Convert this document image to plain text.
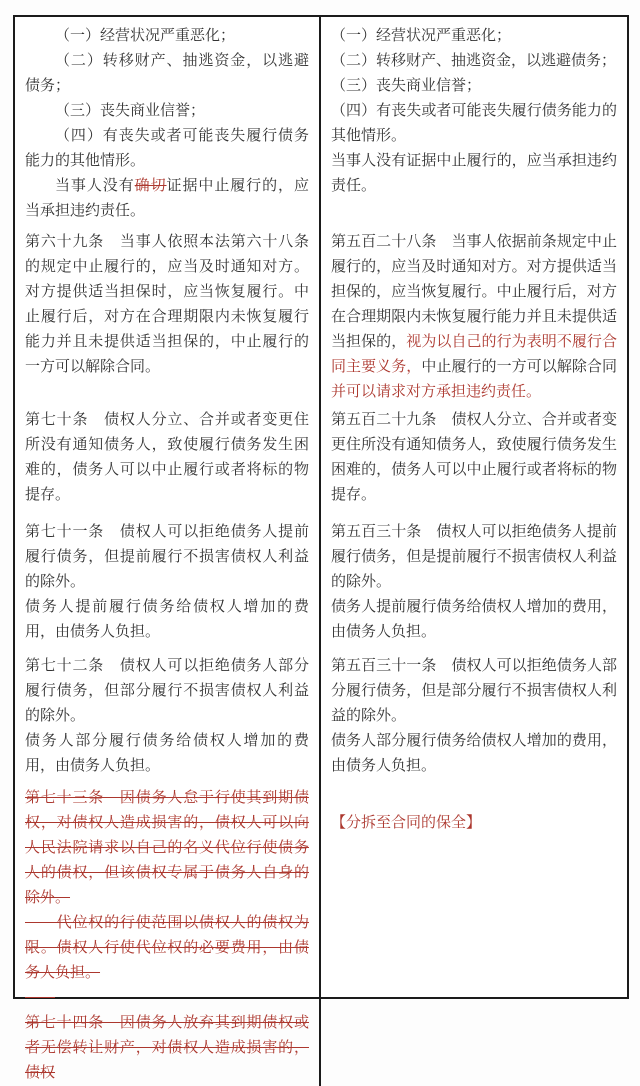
（一）经营状况严重恶化；

（二）转移财产、抽逃资金，以逃避债务；

（三）丧失商业信誉；

（四）有丧失或者可能丧失履行债务能力的其他情形。

当事人没有确切证据中止履行的，应当承担违约责任。

（一）经营状况严重恶化；

（二）转移财产、抽逃资金，以逃避债务；

（三）丧失商业信誉；

（四）有丧失或者可能丧失履行债务能力的其他情形。

当事人没有证据中止履行的，应当承担违约责任。

第六十九条　当事人依照本法第六十八条的规定中止履行的，应当及时通知对方。对方提供适当担保时，应当恢复履行。中止履行后，对方在合理期限内未恢复履行能力并且未提供适当担保的，中止履行的一方可以解除合同。

第五百二十八条　当事人依据前条规定中止履行的，应当及时通知对方。对方提供适当担保的，应当恢复履行。中止履行后，对方在合理期限内未恢复履行能力并且未提供适当担保的，视为以自己的行为表明不履行合同主要义务，中止履行的一方可以解除合同并可以请求对方承担违约责任。

第七十条　债权人分立、合并或者变更住所没有通知债务人，致使履行债务发生困难的，债务人可以中止履行或者将标的物提存。

第五百二十九条　债权人分立、合并或者变更住所没有通知债务人，致使履行债务发生困难的，债务人可以中止履行或者将标的物提存。

第七十一条　债权人可以拒绝债务人提前履行债务，但提前履行不损害债权人利益的除外。

债务人提前履行债务给债权人增加的费用，由债务人负担。

第五百三十条　债权人可以拒绝债务人提前履行债务，但是提前履行不损害债权人利益的除外。

债务人提前履行债务给债权人增加的费用，由债务人负担。

第七十二条　债权人可以拒绝债务人部分履行债务，但部分履行不损害债权人利益的除外。

债务人部分履行债务给债权人增加的费用，由债务人负担。

第五百三十一条　债权人可以拒绝债务人部分履行债务，但是部分履行不损害债权人利益的除外。

债务人部分履行债务给债权人增加的费用，由债务人负担。

第七十三条　因债务人怠于行使其到期债权，对债权人造成损害的，债权人可以向人民法院请求以自己的名义代位行使债务人的债权，但该债权专属于债务人自身的除外。

　　代位权的行使范围以债权人的债权为限。债权人行使代位权的必要费用，由债务人负担。

第七十四条　因债务人放弃其到期债权或者无偿转让财产，对债权人造成损害的，债权

【分拆至合同的保全】
